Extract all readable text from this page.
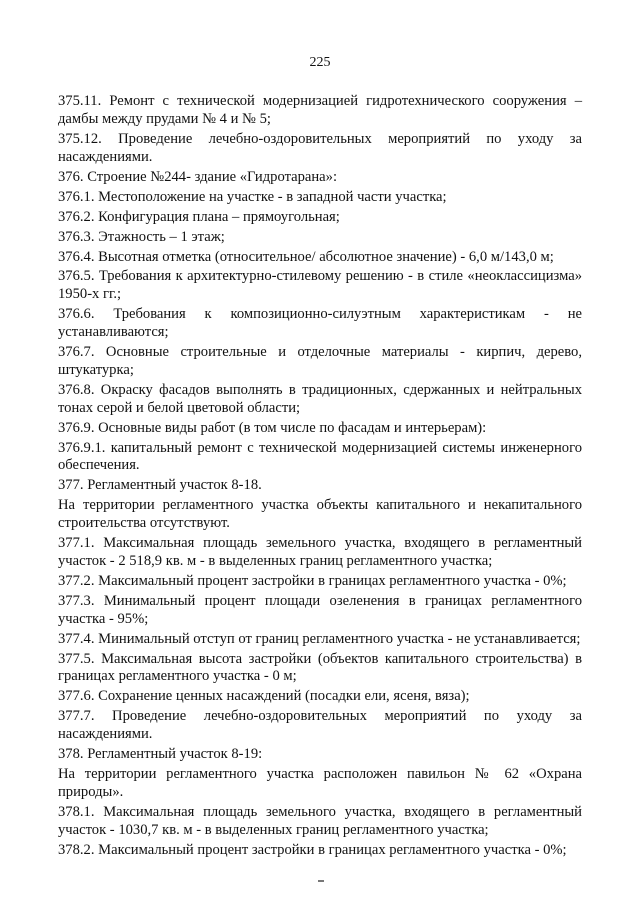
225

375.11. Ремонт с технической модернизацией гидротехнического сооружения – дамбы между прудами № 4 и № 5;

375.12. Проведение лечебно-оздоровительных мероприятий по уходу за насаждениями.

376. Строение №244- здание «Гидротарана»:

376.1. Местоположение на участке - в западной части участка;

376.2. Конфигурация плана – прямоугольная;

376.3. Этажность – 1 этаж;

376.4. Высотная отметка (относительное/ абсолютное значение) - 6,0 м/143,0 м;

376.5. Требования к архитектурно-стилевому решению - в стиле «неоклассицизма» 1950-х гг.;

376.6. Требования к композиционно-силуэтным характеристикам - не устанавливаются;

376.7. Основные строительные и отделочные материалы - кирпич, дерево, штукатурка;

376.8. Окраску фасадов выполнять в традиционных, сдержанных и нейтральных тонах серой и белой цветовой области;

376.9. Основные виды работ (в том числе по фасадам и интерьерам):

376.9.1. капитальный ремонт с технической модернизацией системы инженерного обеспечения.

377. Регламентный участок 8-18.

На территории регламентного участка объекты капитального и некапитального строительства отсутствуют.

377.1. Максимальная площадь земельного участка, входящего в регламентный участок - 2 518,9 кв. м - в выделенных границ регламентного участка;

377.2. Максимальный процент застройки в границах регламентного участка - 0%;

377.3. Минимальный процент площади озеленения в границах регламентного участка - 95%;

377.4. Минимальный отступ от границ регламентного участка - не устанавливается;

377.5. Максимальная высота застройки (объектов капитального строительства) в границах регламентного участка - 0 м;

377.6. Сохранение ценных насаждений (посадки ели, ясеня, вяза);

377.7. Проведение лечебно-оздоровительных мероприятий по уходу за насаждениями.

378. Регламентный участок 8-19:

На территории регламентного участка расположен павильон № 62 «Охрана природы».

378.1. Максимальная площадь земельного участка, входящего в регламентный участок - 1030,7 кв. м - в выделенных границ регламентного участка;

378.2. Максимальный процент застройки в границах регламентного участка - 0%;
